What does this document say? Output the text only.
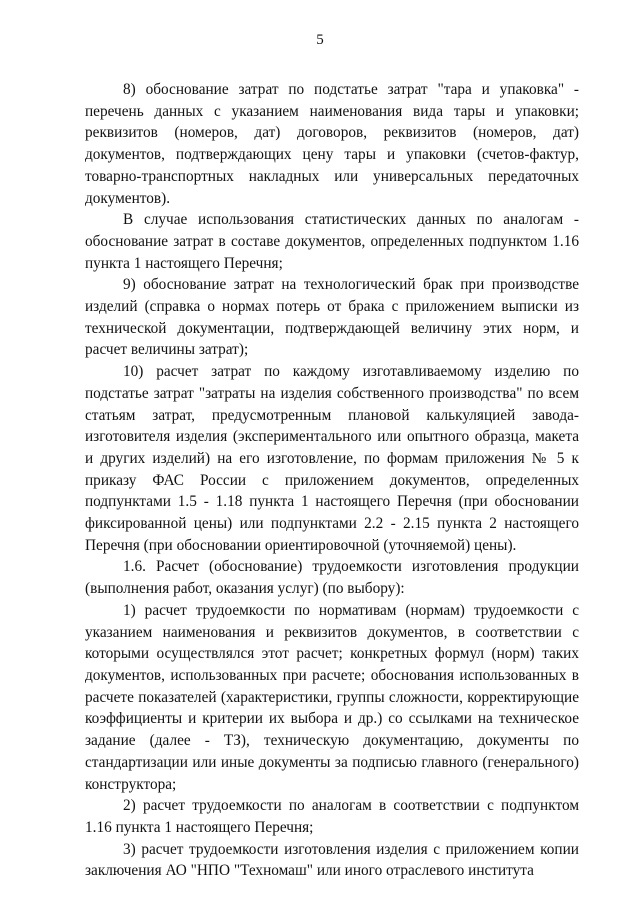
5

8) обоснование затрат по подстатье затрат "тара и упаковка" - перечень данных с указанием наименования вида тары и упаковки; реквизитов (номеров, дат) договоров, реквизитов (номеров, дат) документов, подтверждающих цену тары и упаковки (счетов-фактур, товарно-транспортных накладных или универсальных передаточных документов).

В случае использования статистических данных по аналогам - обоснование затрат в составе документов, определенных подпунктом 1.16 пункта 1 настоящего Перечня;

9) обоснование затрат на технологический брак при производстве изделий (справка о нормах потерь от брака с приложением выписки из технической документации, подтверждающей величину этих норм, и расчет величины затрат);

10) расчет затрат по каждому изготавливаемому изделию по подстатье затрат "затраты на изделия собственного производства" по всем статьям затрат, предусмотренным плановой калькуляцией завода-изготовителя изделия (экспериментального или опытного образца, макета и других изделий) на его изготовление, по формам приложения № 5 к приказу ФАС России с приложением документов, определенных подпунктами 1.5 - 1.18 пункта 1 настоящего Перечня (при обосновании фиксированной цены) или подпунктами 2.2 - 2.15 пункта 2 настоящего Перечня (при обосновании ориентировочной (уточняемой) цены).

1.6. Расчет (обоснование) трудоемкости изготовления продукции (выполнения работ, оказания услуг) (по выбору):

1) расчет трудоемкости по нормативам (нормам) трудоемкости с указанием наименования и реквизитов документов, в соответствии с которыми осуществлялся этот расчет; конкретных формул (норм) таких документов, использованных при расчете; обоснования использованных в расчете показателей (характеристики, группы сложности, корректирующие коэффициенты и критерии их выбора и др.) со ссылками на техническое задание (далее - ТЗ), техническую документацию, документы по стандартизации или иные документы за подписью главного (генерального) конструктора;

2) расчет трудоемкости по аналогам в соответствии с подпунктом 1.16 пункта 1 настоящего Перечня;

3) расчет трудоемкости изготовления изделия с приложением копии заключения АО "НПО "Техномаш" или иного отраслевого института
